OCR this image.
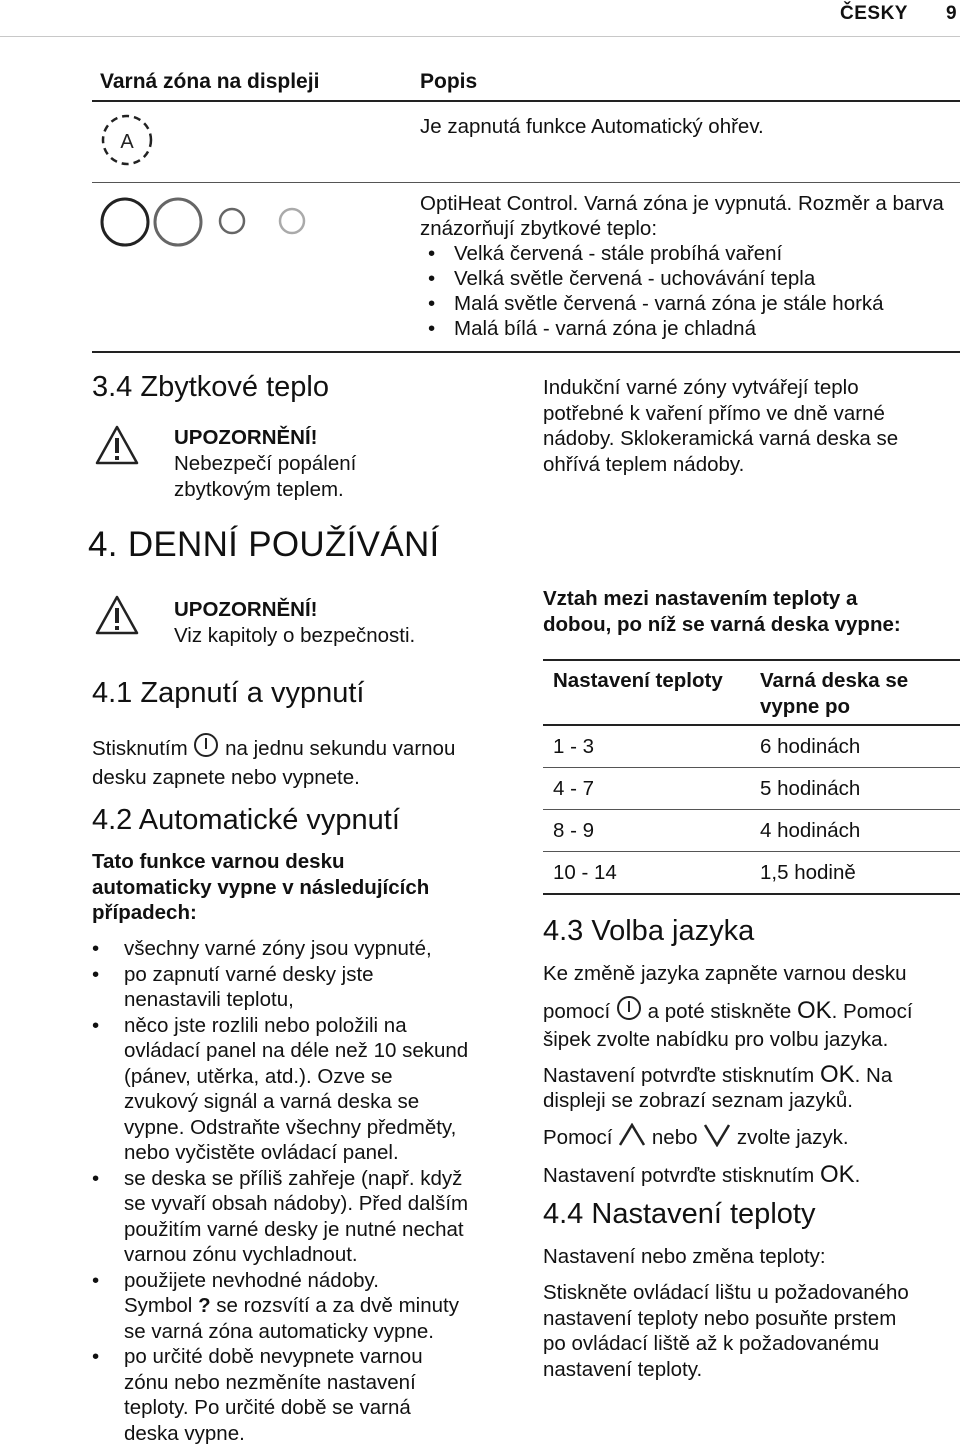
ČESKY 9
Varná zóna na displeji	Popis
A
Je zapnutá funkce Automatický ohřev.
OptiHeat Control. Varná zóna je vypnutá. Rozměr a barva znázorňují zbytkové teplo:
• Velká červená - stále probíhá vaření
• Velká světle červená - uchovávání tepla
• Malá světle červená - varná zóna je stále horká
• Malá bílá - varná zóna je chladná
3.4 Zbytkové teplo
UPOZORNĚNÍ!
Nebezpečí popálení
zbytkovým teplem.
Indukční varné zóny vytvářejí teplo
potřebné k vaření přímo ve dně varné
nádoby. Sklokeramická varná deska se
ohřívá teplem nádoby.
4. DENNÍ POUŽÍVÁNÍ
UPOZORNĚNÍ!
Viz kapitoly o bezpečnosti.
4.1 Zapnutí a vypnutí
Stisknutím na jednu sekundu varnou
desku zapnete nebo vypnete.
4.2 Automatické vypnutí
Tato funkce varnou desku
automaticky vypne v následujících
případech:
• všechny varné zóny jsou vypnuté,
• po zapnutí varné desky jste
nenastavili teplotu,
• něco jste rozlili nebo položili na
ovládací panel na déle než 10 sekund
(pánev, utěrka, atd.). Ozve se
zvukový signál a varná deska se
vypne. Odstraňte všechny předměty,
nebo vyčistěte ovládací panel.
• se deska se příliš zahřeje (např. když
se vyvaří obsah nádoby). Před dalším
použitím varné desky je nutné nechat
varnou zónu vychladnout.
• použijete nevhodné nádoby.
Symbol ? se rozsvítí a za dvě minuty
se varná zóna automaticky vypne.
• po určité době nevypnete varnou
zónu nebo nezměníte nastavení
teploty. Po určité době se varná
deska vypne.
Vztah mezi nastavením teploty a
dobou, po níž se varná deska vypne:
Nastavení teploty Varná deska se
vypne po
1 - 3	6 hodinách
4 - 7	5 hodinách
8 - 9	4 hodinách
10 - 14	1,5 hodině
4.3 Volba jazyka
Ke změně jazyka zapněte varnou desku
pomocí a poté stiskněte OK. Pomocí
šipek zvolte nabídku pro volbu jazyka.
Nastavení potvrďte stisknutím OK. Na
displeji se zobrazí seznam jazyků.
Pomocí nebo zvolte jazyk.
Nastavení potvrďte stisknutím OK.
4.4 Nastavení teploty
Nastavení nebo změna teploty:
Stiskněte ovládací lištu u požadovaného
nastavení teploty nebo posuňte prstem
po ovládací liště až k požadovanému
nastavení teploty.
